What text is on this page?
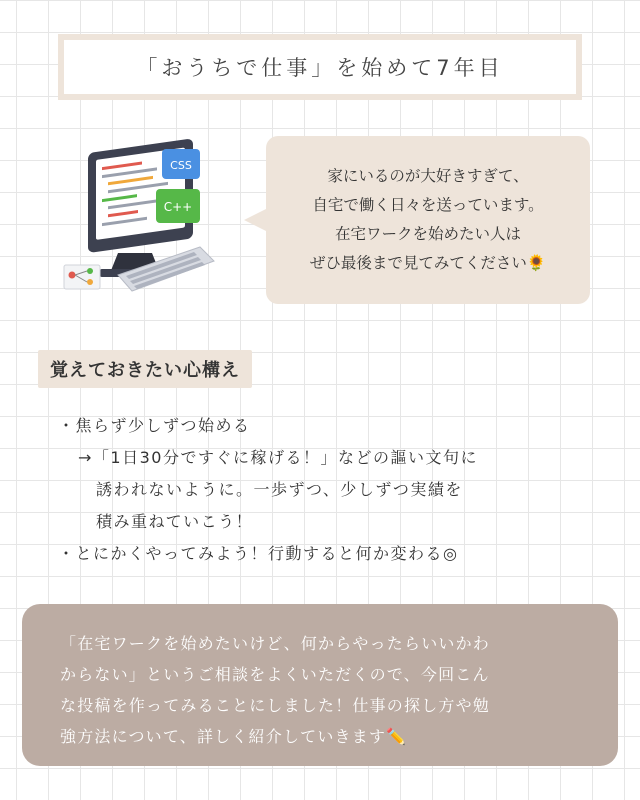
「おうちで仕事」を始めて7年目
CSS
C++
家にいるのが大好きすぎて、
自宅で働く日々を送っています。
在宅ワークを始めたい人は
ぜひ最後まで見てみてください🌻
覚えておきたい心構え
・焦らず少しずつ始める
→「1日30分ですぐに稼げる！」などの謳い文句に
誘われないように。一歩ずつ、少しずつ実績を
積み重ねていこう！
・とにかくやってみよう！行動すると何か変わる◎
「在宅ワークを始めたいけど、何からやったらいいかわ
からない」というご相談をよくいただくので、今回こん
な投稿を作ってみることにしました！仕事の探し方や勉
強方法について、詳しく紹介していきます✏️
